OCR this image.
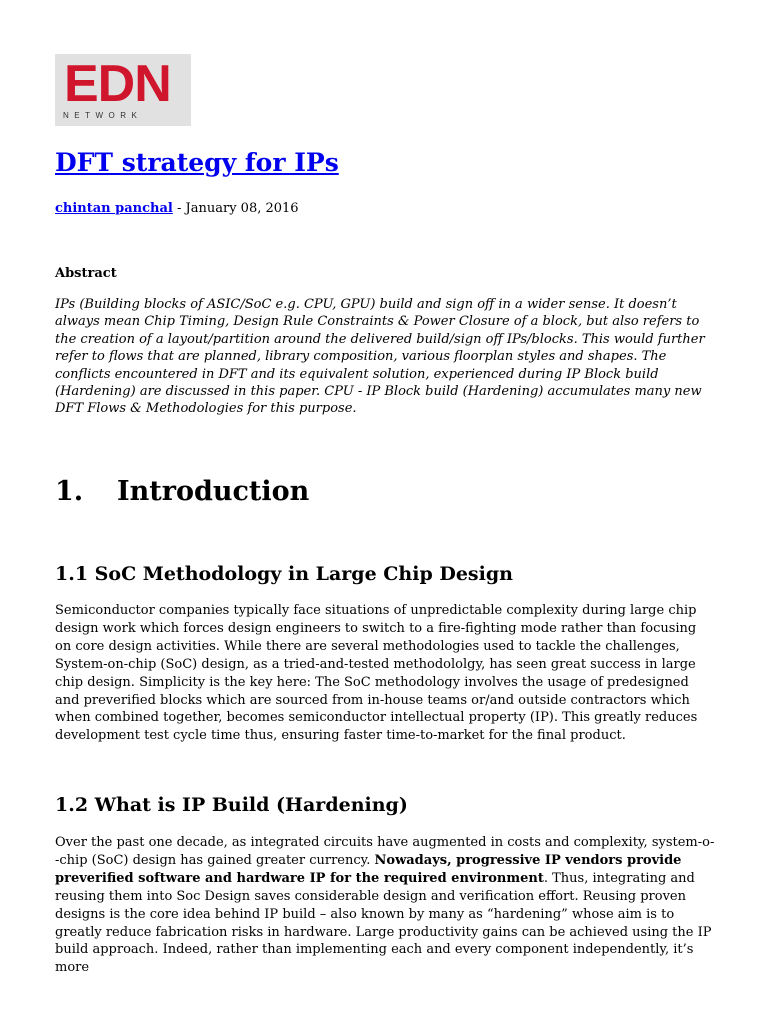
EDN
NETWORK
DFT strategy for IPs
chintan panchal - January 08, 2016
Abstract

IPs (Building blocks of ASIC/SoC e.g. CPU, GPU) build and sign off in a wider sense. It doesn’t always mean Chip Timing, Design Rule Constraints & Power Closure of a block, but also refers to the creation of a layout/partition around the delivered build/sign off IPs/blocks. This would further refer to flows that are planned, library composition, various floorplan styles and shapes. The conflicts encountered in DFT and its equivalent solution, experienced during IP Block build (Hardening) are discussed in this paper. CPU - IP Block build (Hardening) accumulates many new DFT Flows & Methodologies for this purpose.

1. Introduction
1.1 SoC Methodology in Large Chip Design

Semiconductor companies typically face situations of unpredictable complexity during large chip design work which forces design engineers to switch to a fire-fighting mode rather than focusing on core design activities. While there are several methodologies used to tackle the challenges, System-on-chip (SoC) design, as a tried-and-tested methodololgy, has seen great success in large chip design. Simplicity is the key here: The SoC methodology involves the usage of predesigned and preverified blocks which are sourced from in-house teams or/and outside contractors which when combined together, becomes semiconductor intellectual property (IP). This greatly reduces development test cycle time thus, ensuring faster time-to-market for the final product.

1.2 What is IP Build (Hardening)

Over the past one decade, as integrated circuits have augmented in costs and complexity, system-o--chip (SoC) design has gained greater currency. Nowadays, progressive IP vendors provide preverified software and hardware IP for the required environment. Thus, integrating and reusing them into Soc Design saves considerable design and verification effort. Reusing proven designs is the core idea behind IP build – also known by many as “hardening” whose aim is to greatly reduce fabrication risks in hardware. Large productivity gains can be achieved using the IP build approach. Indeed, rather than implementing each and every component independently, it’s more
